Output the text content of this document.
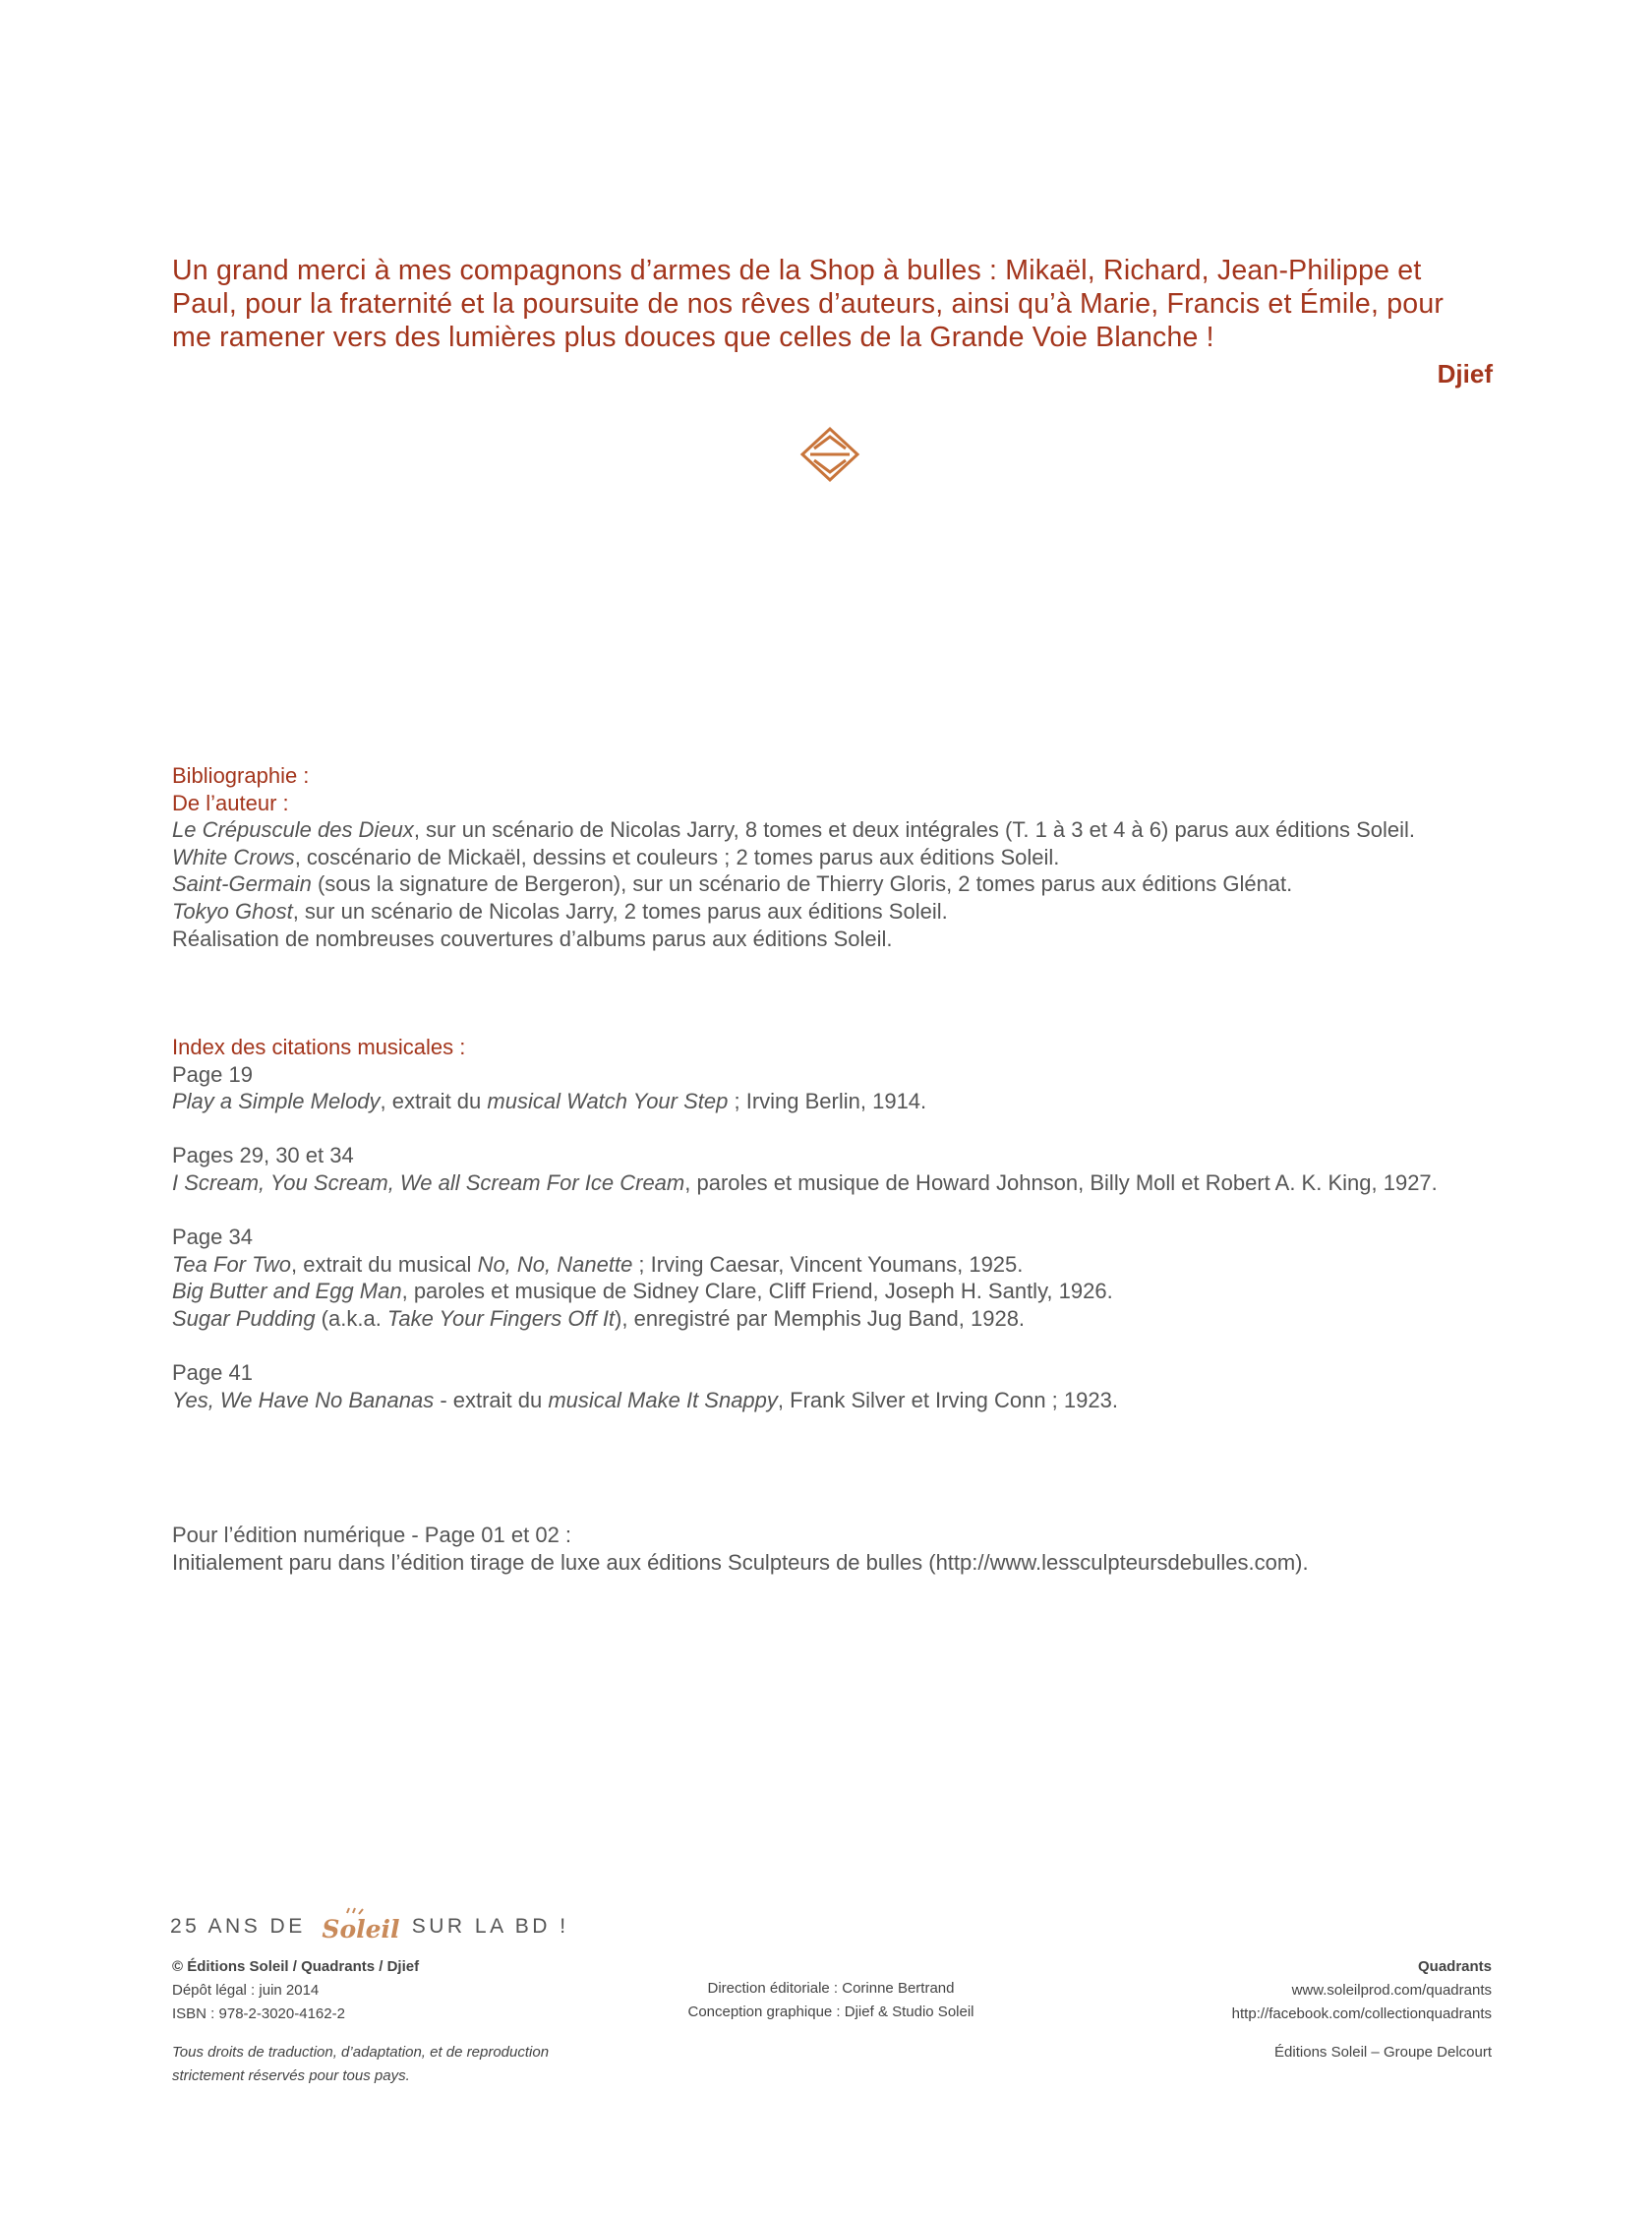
Un grand merci à mes compagnons d’armes de la Shop à bulles : Mikaël, Richard, Jean-Philippe et

Paul, pour la fraternité et la poursuite de nos rêves d’auteurs, ainsi qu’à Marie, Francis et Émile, pour

me ramener vers des lumières plus douces que celles de la Grande Voie Blanche !

Djief
Bibliographie :
De l’auteur :
Le Crépuscule des Dieux, sur un scénario de Nicolas Jarry, 8 tomes et deux intégrales (T. 1 à 3 et 4 à 6) parus aux éditions Soleil.
White Crows, coscénario de Mickaël, dessins et couleurs ; 2 tomes parus aux éditions Soleil.
Saint-Germain (sous la signature de Bergeron), sur un scénario de Thierry Gloris, 2 tomes parus aux éditions Glénat.
Tokyo Ghost, sur un scénario de Nicolas Jarry, 2 tomes parus aux éditions Soleil.
Réalisation de nombreuses couvertures d’albums parus aux éditions Soleil.
Index des citations musicales :
Page 19
Play a Simple Melody, extrait du musical Watch Your Step ; Irving Berlin, 1914.
Pages 29, 30 et 34
I Scream, You Scream, We all Scream For Ice Cream, paroles et musique de Howard Johnson, Billy Moll et Robert A. K. King, 1927.
Page 34
Tea For Two, extrait du musical No, No, Nanette ; Irving Caesar, Vincent Youmans, 1925.
Big Butter and Egg Man, paroles et musique de Sidney Clare, Cliff Friend, Joseph H. Santly, 1926.
Sugar Pudding (a.k.a. Take Your Fingers Off It), enregistré par Memphis Jug Band, 1928.
Page 41
Yes, We Have No Bananas - extrait du musical Make It Snappy, Frank Silver et Irving Conn ; 1923.
Pour l’édition numérique - Page 01 et 02 :
Initialement paru dans l’édition tirage de luxe aux éditions Sculpteurs de bulles (http://www.lessculpteursdebulles.com).
25 ANS DE Soleil SUR LA BD !
© Éditions Soleil / Quadrants / Djief
Dépôt légal : juin 2014
ISBN : 978-2-3020-4162-2
Direction éditoriale : Corinne Bertrand
Conception graphique : Djief & Studio Soleil
Quadrants
www.soleilprod.com/quadrants
http://facebook.com/collectionquadrants
Tous droits de traduction, d’adaptation, et de reproduction
strictement réservés pour tous pays.
Éditions Soleil – Groupe Delcourt
